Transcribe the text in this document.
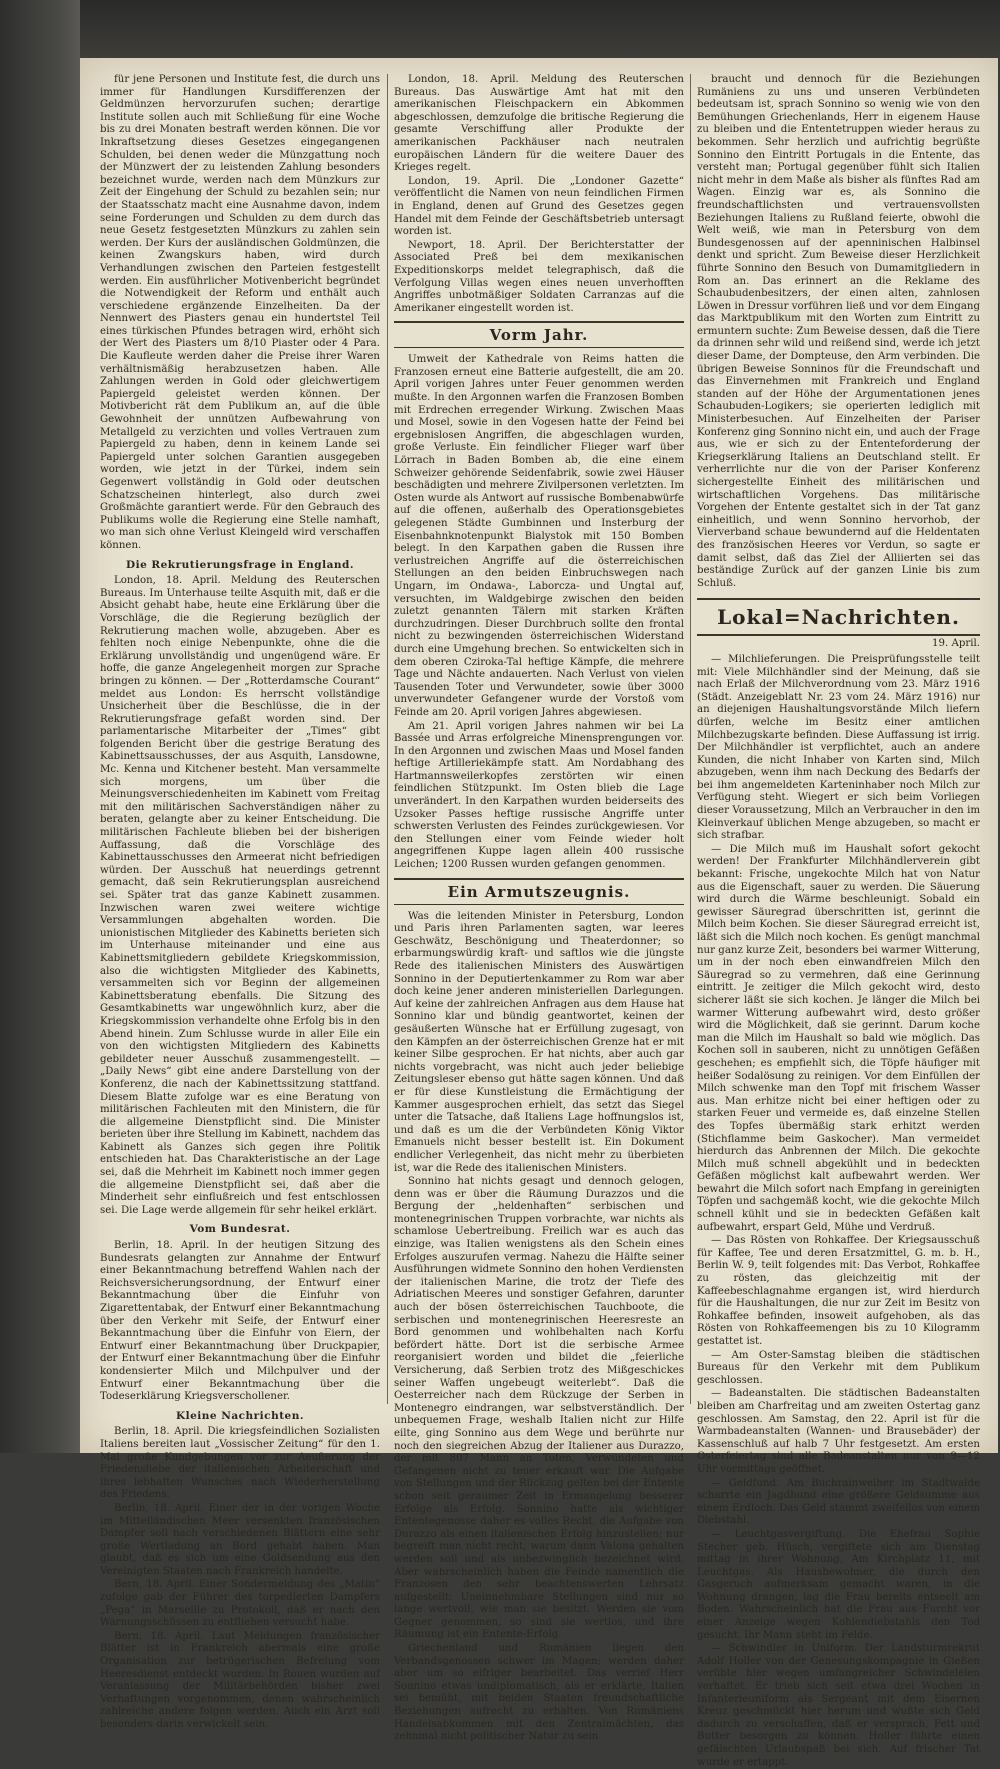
für jene Personen und Institute fest, die durch uns immer für Handlungen Kursdifferenzen der Geldmünzen hervorzurufen suchen; derartige Institute sollen auch mit Schließung für eine Woche bis zu drei Monaten bestraft werden können. Die vor Inkraftsetzung dieses Gesetzes eingegangenen Schulden, bei denen weder die Münzgattung noch der Münzwert der zu leistenden Zahlung besonders bezeichnet wurde, werden nach dem Münzkurs zur Zeit der Eingehung der Schuld zu bezahlen sein; nur der Staatsschatz macht eine Ausnahme davon, indem seine Forderungen und Schulden zu dem durch das neue Gesetz festgesetzten Münzkurs zu zahlen sein werden. Der Kurs der ausländischen Goldmünzen, die keinen Zwangskurs haben, wird durch Verhandlungen zwischen den Parteien festgestellt werden. Ein ausführlicher Motivenbericht begründet die Notwendigkeit der Reform und enthält auch verschiedene ergänzende Einzelheiten. Da der Nennwert des Piasters genau ein hundertstel Teil eines türkischen Pfundes betragen wird, erhöht sich der Wert des Piasters um 8/10 Piaster oder 4 Para. Die Kaufleute werden daher die Preise ihrer Waren verhältnismäßig herabzusetzen haben. Alle Zahlungen werden in Gold oder gleichwertigem Papiergeld geleistet werden können. Der Motivbericht rät dem Publikum an, auf die üble Gewohnheit der unnützen Aufbewahrung von Metallgeld zu verzichten und volles Vertrauen zum Papiergeld zu haben, denn in keinem Lande sei Papiergeld unter solchen Garantien ausgegeben worden, wie jetzt in der Türkei, indem sein Gegenwert vollständig in Gold oder deutschen Schatzscheinen hinterlegt, also durch zwei Großmächte garantiert werde. Für den Gebrauch des Publikums wolle die Regierung eine Stelle namhaft, wo man sich ohne Verlust Kleingeld wird verschaffen können.

Die Rekrutierungsfrage in England.

London, 18. April. Meldung des Reuterschen Bureaus. Im Unterhause teilte Asquith mit, daß er die Absicht gehabt habe, heute eine Erklärung über die Vorschläge, die die Regierung bezüglich der Rekrutierung machen wolle, abzugeben. Aber es fehlten noch einige Nebenpunkte, ohne die die Erklärung unvollständig und ungenügend wäre. Er hoffe, die ganze Angelegenheit morgen zur Sprache bringen zu können. — Der „Rotterdamsche Courant“ meldet aus London: Es herrscht vollständige Unsicherheit über die Beschlüsse, die in der Rekrutierungsfrage gefaßt worden sind. Der parlamentarische Mitarbeiter der „Times“ gibt folgenden Bericht über die gestrige Beratung des Kabinettsausschusses, der aus Asquith, Lansdowne, Mc. Kenna und Kitchener besteht. Man versammelte sich morgens, um über die Meinungsverschiedenheiten im Kabinett vom Freitag mit den militärischen Sachverständigen näher zu beraten, gelangte aber zu keiner Entscheidung. Die militärischen Fachleute blieben bei der bisherigen Auffassung, daß die Vorschläge des Kabinettausschusses den Armeerat nicht befriedigen würden. Der Ausschuß hat neuerdings getrennt gemacht, daß sein Rekrutierungsplan ausreichend sei. Später trat das ganze Kabinett zusammen. Inzwischen waren zwei weitere wichtige Versammlungen abgehalten worden. Die unionistischen Mitglieder des Kabinetts berieten sich im Unterhause miteinander und eine aus Kabinettsmitgliedern gebildete Kriegskommission, also die wichtigsten Mitglieder des Kabinetts, versammelten sich vor Beginn der allgemeinen Kabinettsberatung ebenfalls. Die Sitzung des Gesamtkabinetts war ungewöhnlich kurz, aber die Kriegskommission verhandelte ohne Erfolg bis in den Abend hinein. Zum Schlusse wurde in aller Eile ein von den wichtigsten Mitgliedern des Kabinetts gebildeter neuer Ausschuß zusammengestellt. — „Daily News“ gibt eine andere Darstellung von der Konferenz, die nach der Kabinettssitzung stattfand. Diesem Blatte zufolge war es eine Beratung von militärischen Fachleuten mit den Ministern, die für die allgemeine Dienstpflicht sind. Die Minister berieten über ihre Stellung im Kabinett, nachdem das Kabinett als Ganzes sich gegen ihre Politik entschieden hat. Das Charakteristische an der Lage sei, daß die Mehrheit im Kabinett noch immer gegen die allgemeine Dienstpflicht sei, daß aber die Minderheit sehr einflußreich und fest entschlossen sei. Die Lage werde allgemein für sehr heikel erklärt.

Vom Bundesrat.

Berlin, 18. April. In der heutigen Sitzung des Bundesrats gelangten zur Annahme der Entwurf einer Bekanntmachung betreffend Wahlen nach der Reichsversicherungsordnung, der Entwurf einer Bekanntmachung über die Einfuhr von Zigarettentabak, der Entwurf einer Bekanntmachung über den Verkehr mit Seife, der Entwurf einer Bekanntmachung über die Einfuhr von Eiern, der Entwurf einer Bekanntmachung über Druckpapier, der Entwurf einer Bekanntmachung über die Einfuhr kondensierter Milch und Milchpulver und der Entwurf einer Bekanntmachung über die Todeserklärung Kriegsverschollener.

Kleine Nachrichten.

Berlin, 18. April. Die kriegsfeindlichen Sozialisten Italiens bereiten laut „Vossischer Zeitung“ für den 1. Mai große Kundgebungen vor zur Aeußerung der Friedensliebe der italienischen Arbeiterschaft und ihres lebhaften Wunsches nach Wiederherstellung des Friedens.

Berlin, 18. April. Einer der in der vorigen Woche im Mittelländischen Meer versenkten französischen Dampfer soll nach verschiedenen Blättern eine sehr große Wertladung an Bord gehabt haben. Man glaubt, daß es sich um eine Goldsendung aus den Vereinigten Staaten nach Frankreich handelte.

Bern, 18. April. Einer Sondermeldung des „Matin“ zufolge gab der Führer des torpedierten Dampfers „Pega“ in Marseille zu Protokoll, daß er nach den Warnungsschüssen zu entfliehen versucht habe.

Bern, 18. April. Laut Meldungen französischer Blätter ist in Frankreich abermals eine große Organisation zur betrügerischen Befreiung vom Heeresdienst entdeckt worden. In Rouen wurden auf Veranlassung der Militärbehörden bisher zwei Verhaftungen vorgenommen, denen wahrscheinlich zahlreiche andere folgen werden. Auch ein Arzt soll besonders darin verwickelt sein.

London, 18. April. Meldung des Reuterschen Bureaus. Das Auswärtige Amt hat mit den amerikanischen Fleischpackern ein Abkommen abgeschlossen, demzufolge die britische Regierung die gesamte Verschiffung aller Produkte der amerikanischen Packhäuser nach neutralen europäischen Ländern für die weitere Dauer des Krieges regelt.

London, 19. April. Die „Londoner Gazette“ veröffentlicht die Namen von neun feindlichen Firmen in England, denen auf Grund des Gesetzes gegen Handel mit dem Feinde der Geschäftsbetrieb untersagt worden ist.

Newport, 18. April. Der Berichterstatter der Associated Preß bei dem mexikanischen Expeditionskorps meldet telegraphisch, daß die Verfolgung Villas wegen eines neuen unverhofften Angriffes unbotmäßiger Soldaten Carranzas auf die Amerikaner eingestellt worden ist.

Vorm Jahr.

Umweit der Kathedrale von Reims hatten die Franzosen erneut eine Batterie aufgestellt, die am 20. April vorigen Jahres unter Feuer genommen werden mußte. In den Argonnen warfen die Franzosen Bomben mit Erdrechen erregender Wirkung. Zwischen Maas und Mosel, sowie in den Vogesen hatte der Feind bei ergebnislosen Angriffen, die abgeschlagen wurden, große Verluste. Ein feindlicher Flieger warf über Lörrach in Baden Bomben ab, die eine einem Schweizer gehörende Seidenfabrik, sowie zwei Häuser beschädigten und mehrere Zivilpersonen verletzten. Im Osten wurde als Antwort auf russische Bombenabwürfe auf die offenen, außerhalb des Operationsgebietes gelegenen Städte Gumbinnen und Insterburg der Eisenbahnknotenpunkt Bialystok mit 150 Bomben belegt. In den Karpathen gaben die Russen ihre verlustreichen Angriffe auf die österreichischen Stellungen an den beiden Einbruchswegen nach Ungarn, im Ondawa-, Laborcza- und Ungtal auf, versuchten, im Waldgebirge zwischen den beiden zuletzt genannten Tälern mit starken Kräften durchzudringen. Dieser Durchbruch sollte den frontal nicht zu bezwingenden österreichischen Widerstand durch eine Umgehung brechen. So entwickelten sich in dem oberen Cziroka-Tal heftige Kämpfe, die mehrere Tage und Nächte andauerten. Nach Verlust von vielen Tausenden Toter und Verwundeter, sowie über 3000 unverwundeter Gefangener wurde der Vorstoß vom Feinde am 20. April vorigen Jahres abgewiesen.

Am 21. April vorigen Jahres nahmen wir bei La Bassée und Arras erfolgreiche Minensprengungen vor. In den Argonnen und zwischen Maas und Mosel fanden heftige Artilleriekämpfe statt. Am Nordabhang des Hartmannsweilerkopfes zerstörten wir einen feindlichen Stützpunkt. Im Osten blieb die Lage unverändert. In den Karpathen wurden beiderseits des Uzsoker Passes heftige russische Angriffe unter schwersten Verlusten des Feindes zurückgewiesen. Vor den Stellungen einer vom Feinde wieder holt angegriffenen Kuppe lagen allein 400 russische Leichen; 1200 Russen wurden gefangen genommen.

Ein Armutszeugnis.

Was die leitenden Minister in Petersburg, London und Paris ihren Parlamenten sagten, war leeres Geschwätz, Beschönigung und Theaterdonner; so erbarmungswürdig kraft- und saftlos wie die jüngste Rede des italienischen Ministers des Auswärtigen Sonnino in der Deputiertenkammer zu Rom war aber doch keine jener anderen ministeriellen Darlegungen. Auf keine der zahlreichen Anfragen aus dem Hause hat Sonnino klar und bündig geantwortet, keinen der gesäußerten Wünsche hat er Erfüllung zugesagt, von den Kämpfen an der österreichischen Grenze hat er mit keiner Silbe gesprochen. Er hat nichts, aber auch gar nichts vorgebracht, was nicht auch jeder beliebige Zeitungsleser ebenso gut hätte sagen können. Und daß er für diese Kunstleistung die Ermächtigung der Kammer ausgesprochen erhielt, das setzt das Siegel unter die Tatsache, daß Italiens Lage hoffnungslos ist, und daß es um die der Verbündeten König Viktor Emanuels nicht besser bestellt ist. Ein Dokument endlicher Verlegenheit, das nicht mehr zu überbieten ist, war die Rede des italienischen Ministers.

Sonnino hat nichts gesagt und dennoch gelogen, denn was er über die Räumung Durazzos und die Bergung der „heldenhaften“ serbischen und montenegrinischen Truppen vorbrachte, war nichts als schamlose Uebertreibung. Freilich war es auch das einzige, was Italien wenigstens als den Schein eines Erfolges auszurufen vermag. Nahezu die Hälfte seiner Ausführungen widmete Sonnino den hohen Verdiensten der italienischen Marine, die trotz der Tiefe des Adriatischen Meeres und sonstiger Gefahren, darunter auch der bösen österreichischen Tauchboote, die serbischen und montenegrinischen Heeresreste an Bord genommen und wohlbehalten nach Korfu befördert hätte. Dort ist die serbische Armee reorganisiert worden und bildet die „feierliche Versicherung, daß Serbien trotz des Mißgeschickes seiner Waffen ungebeugt weiterlebt“. Daß die Oesterreicher nach dem Rückzuge der Serben in Montenegro eindrangen, war selbstverständlich. Der unbequemen Frage, weshalb Italien nicht zur Hilfe eilte, ging Sonnino aus dem Wege und berührte nur noch den siegreichen Abzug der Italiener aus Durazzo, der mit 807 Mann an Toten, Verwundeten und Gefangenen nicht zu teuer erkauft war. Die Aufgabe von Stellungen und der Rückzug gelten bei der Entente schon seit geraumer Zeit in Ermangelung besserer Erfolge als Erfolg. Sonnino hatte als wichtiger Ententegenosse daher es volles Recht, die Aufgabe von Durazzo als einen italienischen Erfolg hinzustellen; nur begreift man nicht recht, warum dann Valona gehalten werden soll und als unbezwinglich bezeichnet wird. Aber wahrscheinlich haben die Feinde namentlich die Franzosen den sehr beachtenswerten Lehrsatz aufgestellt: Uneinnehmbare Stellungen sind nur so lange wertvoll, wie man sie besitzt. Werden sie vom Gegner genommen, so sind sie wertlos, und ihre Räumung ist ein Entente-Erfolg.

Griechenland und Rumänien liegen den Verbandsgenossen schwer im Magen; werden daher aber um so eifriger bearbeitet. Das verrief Herr Sonnino etwas undiplomatisch, als er erklärte, Italien sei bemüht, mit beiden Staaten freundschaftliche Beziehungen aufrecht zu erhalten. Von Rumäniens Handelsabkommen mit den Zentralmächten, das zehnmal nicht politischer Natur zu sein

braucht und dennoch für die Beziehungen Rumäniens zu uns und unseren Verbündeten bedeutsam ist, sprach Sonnino so wenig wie von den Bemühungen Griechenlands, Herr in eigenem Hause zu bleiben und die Ententetruppen wieder heraus zu bekommen. Sehr herzlich und aufrichtig begrüßte Sonnino den Eintritt Portugals in die Entente, das versteht man; Portugal gegenüber fühlt sich Italien nicht mehr in dem Maße als bisher als fünftes Rad am Wagen. Einzig war es, als Sonnino die freundschaftlichsten und vertrauensvollsten Beziehungen Italiens zu Rußland feierte, obwohl die Welt weiß, wie man in Petersburg von dem Bundesgenossen auf der apenninischen Halbinsel denkt und spricht. Zum Beweise dieser Herzlichkeit führte Sonnino den Besuch von Dumamitgliedern in Rom an. Das erinnert an die Reklame des Schaubudenbesitzers, der einen alten, zahnlosen Löwen in Dressur vorführen ließ und vor dem Eingang das Marktpublikum mit den Worten zum Eintritt zu ermuntern suchte: Zum Beweise dessen, daß die Tiere da drinnen sehr wild und reißend sind, werde ich jetzt dieser Dame, der Dompteuse, den Arm verbinden. Die übrigen Beweise Sonninos für die Freundschaft und das Einvernehmen mit Frankreich und England standen auf der Höhe der Argumentationen jenes Schaubuden-Logikers; sie operierten lediglich mit Ministerbesuchen. Auf Einzelheiten der Pariser Konferenz ging Sonnino nicht ein, und auch der Frage aus, wie er sich zu der Ententeforderung der Kriegserklärung Italiens an Deutschland stellt. Er verherrlichte nur die von der Pariser Konferenz sichergestellte Einheit des militärischen und wirtschaftlichen Vorgehens. Das militärische Vorgehen der Entente gestaltet sich in der Tat ganz einheitlich, und wenn Sonnino hervorhob, der Vierverband schaue bewundernd auf die Heldentaten des französischen Heeres vor Verdun, so sagte er damit selbst, daß das Ziel der Alliierten sei das beständige Zurück auf der ganzen Linie bis zum Schluß.

Lokal=Nachrichten.
19. April.

— Milchlieferungen. Die Preisprüfungsstelle teilt mit: Viele Milchhändler sind der Meinung, daß sie nach Erlaß der Milchverordnung vom 23. März 1916 (Städt. Anzeigeblatt Nr. 23 vom 24. März 1916) nur an diejenigen Haushaltungsvorstände Milch liefern dürfen, welche im Besitz einer amtlichen Milchbezugskarte befinden. Diese Auffassung ist irrig. Der Milchhändler ist verpflichtet, auch an andere Kunden, die nicht Inhaber von Karten sind, Milch abzugeben, wenn ihm nach Deckung des Bedarfs der bei ihm angemeldeten Karteninhaber noch Milch zur Verfügung steht. Wiegert er sich beim Vorliegen dieser Voraussetzung, Milch an Verbraucher in den im Kleinverkauf üblichen Menge abzugeben, so macht er sich strafbar.

— Die Milch muß im Haushalt sofort gekocht werden! Der Frankfurter Milchhändlerverein gibt bekannt: Frische, ungekochte Milch hat von Natur aus die Eigenschaft, sauer zu werden. Die Säuerung wird durch die Wärme beschleunigt. Sobald ein gewisser Säuregrad überschritten ist, gerinnt die Milch beim Kochen. Sie dieser Säuregrad erreicht ist, läßt sich die Milch noch kochen. Es genügt manchmal nur ganz kurze Zeit, besonders bei warmer Witterung, um in der noch eben einwandfreien Milch den Säuregrad so zu vermehren, daß eine Gerinnung eintritt. Je zeitiger die Milch gekocht wird, desto sicherer läßt sie sich kochen. Je länger die Milch bei warmer Witterung aufbewahrt wird, desto größer wird die Möglichkeit, daß sie gerinnt. Darum koche man die Milch im Haushalt so bald wie möglich. Das Kochen soll in sauberen, nicht zu unnötigen Gefäßen geschehen; es empfiehlt sich, die Töpfe häufiger mit heißer Sodalösung zu reinigen. Vor dem Einfüllen der Milch schwenke man den Topf mit frischem Wasser aus. Man erhitze nicht bei einer heftigen oder zu starken Feuer und vermeide es, daß einzelne Stellen des Topfes übermäßig stark erhitzt werden (Stichflamme beim Gaskocher). Man vermeidet hierdurch das Anbrennen der Milch. Die gekochte Milch muß schnell abgekühlt und in bedeckten Gefäßen möglichst kalt aufbewahrt werden. Wer bewahrt die Milch sofort nach Empfang in gereinigten Töpfen und sachgemäß kocht, wie die gekochte Milch schnell kühlt und sie in bedeckten Gefäßen kalt aufbewahrt, erspart Geld, Mühe und Verdruß.

— Das Rösten von Rohkaffee. Der Kriegsausschuß für Kaffee, Tee und deren Ersatzmittel, G. m. b. H., Berlin W. 9, teilt folgendes mit: Das Verbot, Rohkaffee zu rösten, das gleichzeitig mit der Kaffeebeschlagnahme ergangen ist, wird hierdurch für die Haushaltungen, die nur zur Zeit im Besitz von Rohkaffee befinden, insoweit aufgehoben, als das Rösten von Rohkaffeemengen bis zu 10 Kilogramm gestattet ist.

— Am Oster-Samstag bleiben die städtischen Bureaus für den Verkehr mit dem Publikum geschlossen.

— Badeanstalten. Die städtischen Badeanstalten bleiben am Charfreitag und am zweiten Ostertag ganz geschlossen. Am Samstag, den 22. April ist für die Warmbadeanstalten (Wannen- und Brausebäder) der Kassenschluß auf halb 7 Uhr festgesetzt. Am ersten Osterfeiertag sind alle Badeanstalten nur von 9—12 Uhr vormittags geöffnet.

— Geldfund. Am Buchrainweiher im Stadtwalde scharrte ein Jagdhund eine größere Geldsumme aus einem Erdloch. Das Geld stammt zweifellos von einem Diebstahl.

— Leuchtgasvergiftung. Die Ehefrau Sophie Stecher geb. Hüsch, vergiftete sich am Dienstag mittag in ihrer Wohnung, Am Kirchplatz 11, mit Leuchtgas. Als Hausbewohner, die durch den Gasgeruch aufmerksam gemacht waren, in die Wohnung drangen, lag die Frau bereits entseelt am Boden. Wahrscheinlich hat die Frau aus Furcht vor einer Anzeige wegen Kohlendiebstahls den Tod gesucht. Ihr Mann steht im Felde.

— Schwindler in Uniform. Der Landsturmrekrut Adolf Holler von der Genesungskompagnie in Gießen verübte hier wegen umfangreicher Schwindeleien verhaftet. Er trieb sich seit etwa drei Wochen in Infanterieuniform als Sergeant mit dem Eisernen Kreuz geschmückt hier herum und wußte sich Geld dadurch zu verschaffen, daß er versprach, Fett und Butter besorgen zu können. Holler führte einen gefälschten Urlaubspaß bei sich. Auf frischer Tat wurde er ertappt.
